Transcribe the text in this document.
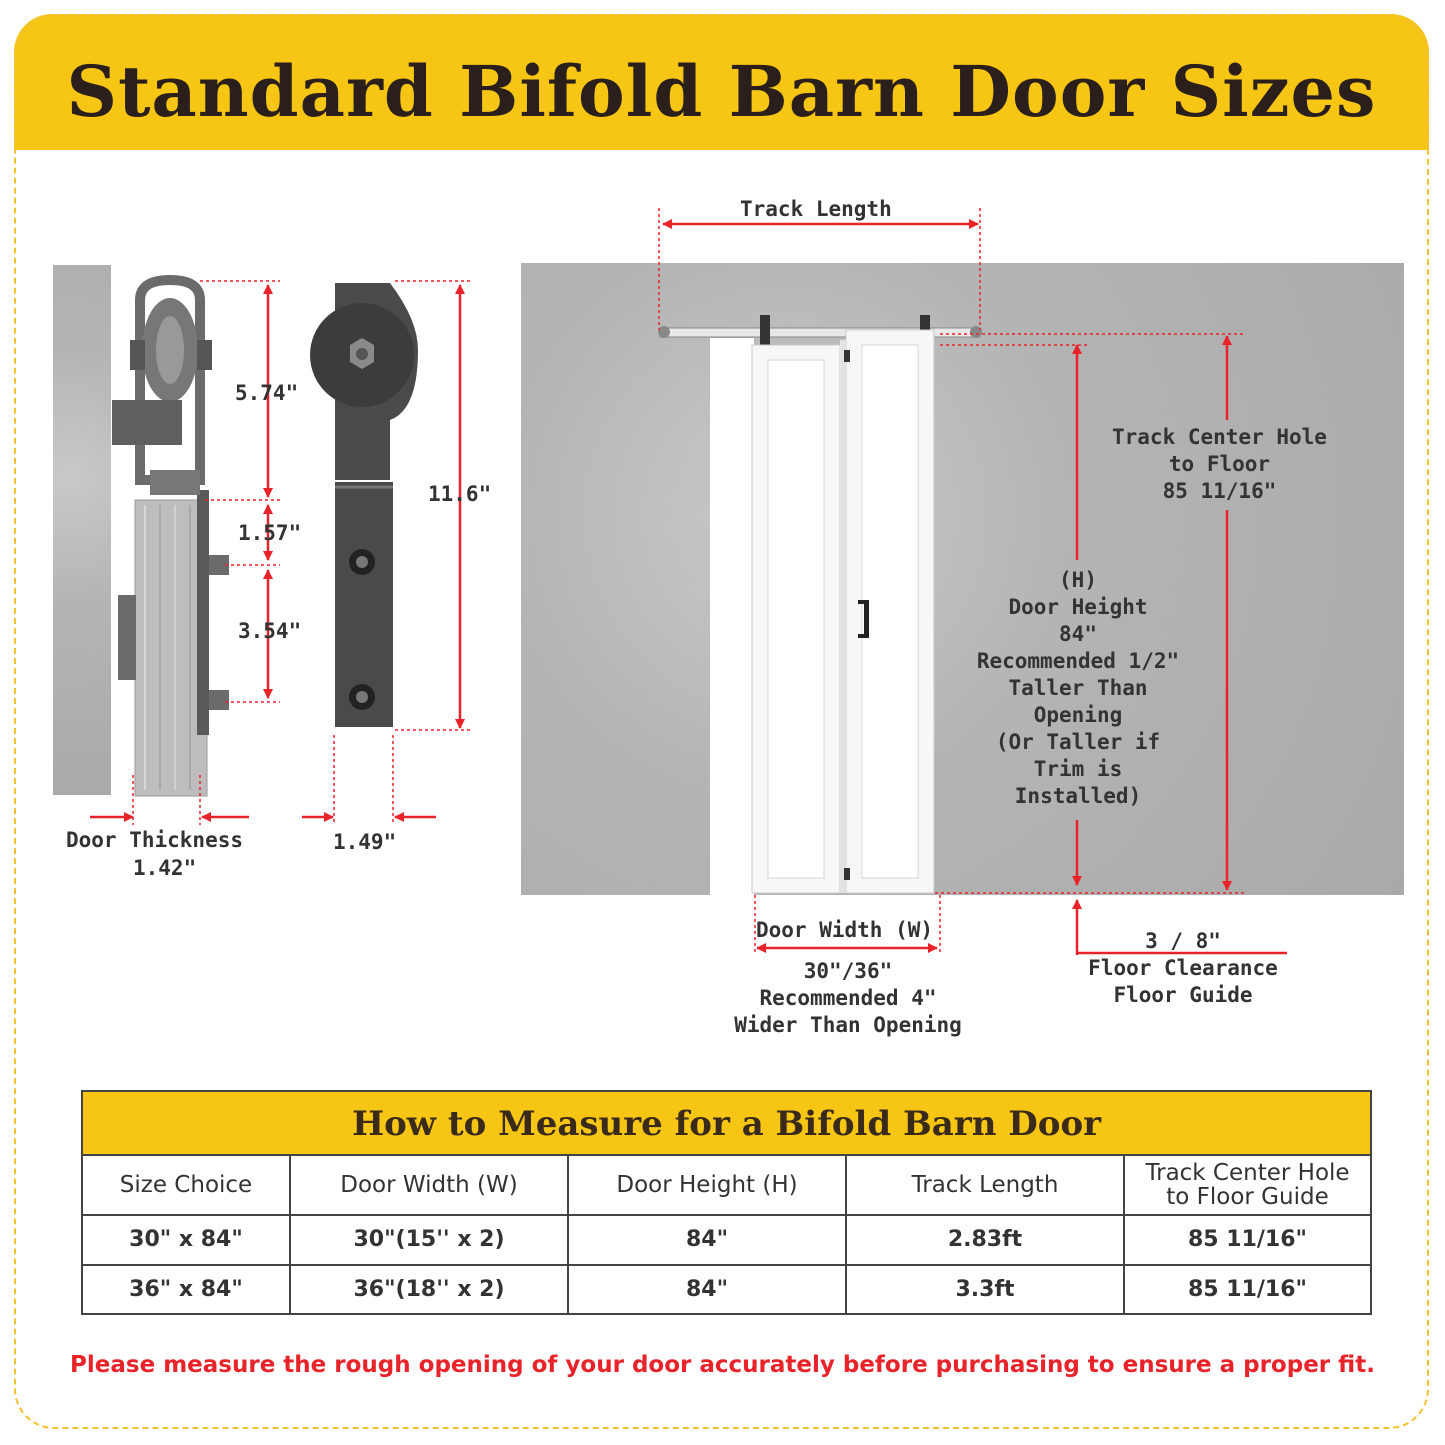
Standard Bifold Barn Door Sizes
5.74"
1.57"
3.54"
11.6"
Door Thickness
1.42"
1.49"
Track Length
Track Center Hole
to Floor
85 11/16"
(H)
Door Height
84"
Recommended 1/2"
Taller Than
Opening
(Or Taller if
Trim is
Installed)
Door Width (W)
30"/36"
Recommended 4"
Wider Than Opening
3 / 8"
Floor Clearance
Floor Guide
How to Measure for a Bifold Barn Door
Size Choice	Door Width (W)	Door Height (H)	Track Length	Track Center Hole
to Floor Guide
30" x 84"	30"(15'' x 2)	84"	2.83ft	85 11/16"
36" x 84"	36"(18'' x 2)	84"	3.3ft	85 11/16"
Please measure the rough opening of your door accurately before purchasing to ensure a proper fit.
